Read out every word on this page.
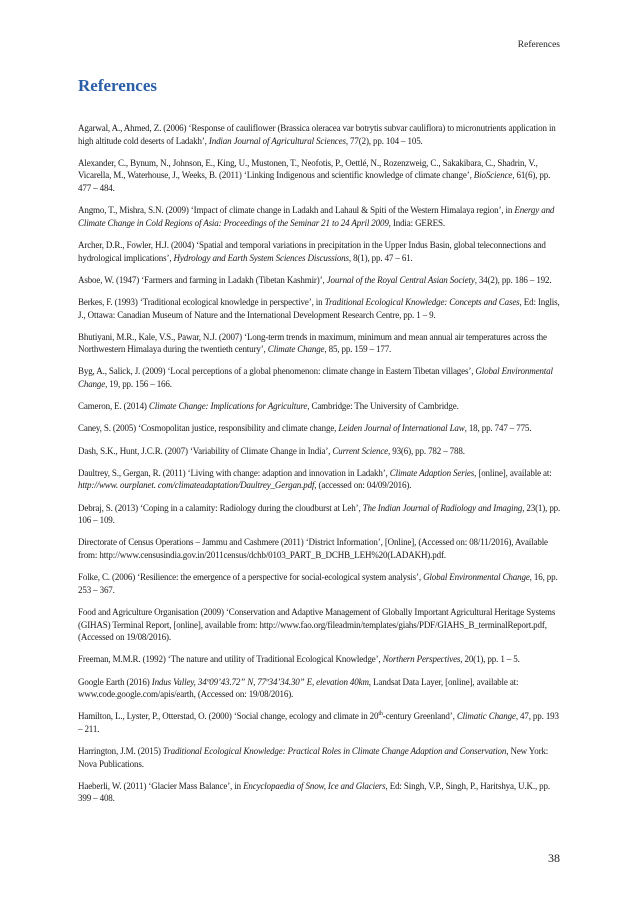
References
References

Agarwal, A., Ahmed, Z. (2006) ‘Response of cauliflower (Brassica oleracea var botrytis subvar cauliflora) to micronutrients application in high altitude cold deserts of Ladakh’, Indian Journal of Agricultural Sciences, 77(2), pp. 104 – 105.

Alexander, C., Bynum, N., Johnson, E., King, U., Mustonen, T., Neofotis, P., Oettlé, N., Rozenzweig, C., Sakakibara, C., Shadrin, V., Vicarella, M., Waterhouse, J., Weeks, B. (2011) ‘Linking Indigenous and scientific knowledge of climate change’, BioScience, 61(6), pp. 477 – 484.

Angmo, T., Mishra, S.N. (2009) ‘Impact of climate change in Ladakh and Lahaul & Spiti of the Western Himalaya region’, in Energy and Climate Change in Cold Regions of Asia: Proceedings of the Seminar 21 to 24 April 2009, India: GERES.

Archer, D.R., Fowler, H.J. (2004) ‘Spatial and temporal variations in precipitation in the Upper Indus Basin, global teleconnections and hydrological implications’, Hydrology and Earth System Sciences Discussions, 8(1), pp. 47 – 61.

Asboe, W. (1947) ‘Farmers and farming in Ladakh (Tibetan Kashmir)’, Journal of the Royal Central Asian Society, 34(2), pp. 186 – 192.

Berkes, F. (1993) ‘Traditional ecological knowledge in perspective’, in Traditional Ecological Knowledge: Concepts and Cases, Ed: Inglis, J., Ottawa: Canadian Museum of Nature and the International Development Research Centre, pp. 1 – 9.

Bhutiyani, M.R., Kale, V.S., Pawar, N.J. (2007) ‘Long-term trends in maximum, minimum and mean annual air temperatures across the Northwestern Himalaya during the twentieth century’, Climate Change, 85, pp. 159 – 177.

Byg, A., Salick, J. (2009) ‘Local perceptions of a global phenomenon: climate change in Eastern Tibetan villages’, Global Environmental Change, 19, pp. 156 – 166.

Cameron, E. (2014) Climate Change: Implications for Agriculture, Cambridge: The University of Cambridge.

Caney, S. (2005) ‘Cosmopolitan justice, responsibility and climate change, Leiden Journal of International Law, 18, pp. 747 – 775.

Dash, S.K., Hunt, J.C.R. (2007) ‘Variability of Climate Change in India’, Current Science, 93(6), pp. 782 – 788.

Daultrey, S., Gergan, R. (2011) ‘Living with change: adaption and innovation in Ladakh’, Climate Adaption Series, [online], available at: http://www. ourplanet. com/climateadaptation/Daultrey_Gergan.pdf, (accessed on: 04/09/2016).

Debraj, S. (2013) ‘Coping in a calamity: Radiology during the cloudburst at Leh’, The Indian Journal of Radiology and Imaging, 23(1), pp. 106 – 109.

Directorate of Census Operations – Jammu and Cashmere (2011) ‘District Information’, [Online], (Accessed on: 08/11/2016), Available from: http://www.censusindia.gov.in/2011census/dchb/0103_PART_B_DCHB_LEH%20(LADAKH).pdf.

Folke, C. (2006) ‘Resilience: the emergence of a perspective for social-ecological system analysis’, Global Environmental Change, 16, pp. 253 – 367.

Food and Agriculture Organisation (2009) ‘Conservation and Adaptive Management of Globally Important Agricultural Heritage Systems (GIHAS) Terminal Report, [online], available from: http://www.fao.org/fileadmin/templates/giahs/PDF/GIAHS_B_terminalReport.pdf, (Accessed on 19/08/2016).

Freeman, M.M.R. (1992) ‘The nature and utility of Traditional Ecological Knowledge’, Northern Perspectives, 20(1), pp. 1 – 5.

Google Earth (2016) Indus Valley, 34º09’43.72” N, 77º34’34.30” E, elevation 40km, Landsat Data Layer, [online], available at: www.code.google.com/apis/earth, (Accessed on: 19/08/2016).

Hamilton, L., Lyster, P., Otterstad, O. (2000) ‘Social change, ecology and climate in 20th-century Greenland’, Climatic Change, 47, pp. 193 – 211.

Harrington, J.M. (2015) Traditional Ecological Knowledge: Practical Roles in Climate Change Adaption and Conservation, New York: Nova Publications.

Haeberli, W. (2011) ‘Glacier Mass Balance’, in Encyclopaedia of Snow, Ice and Glaciers, Ed: Singh, V.P., Singh, P., Haritshya, U.K., pp. 399 – 408.

38
